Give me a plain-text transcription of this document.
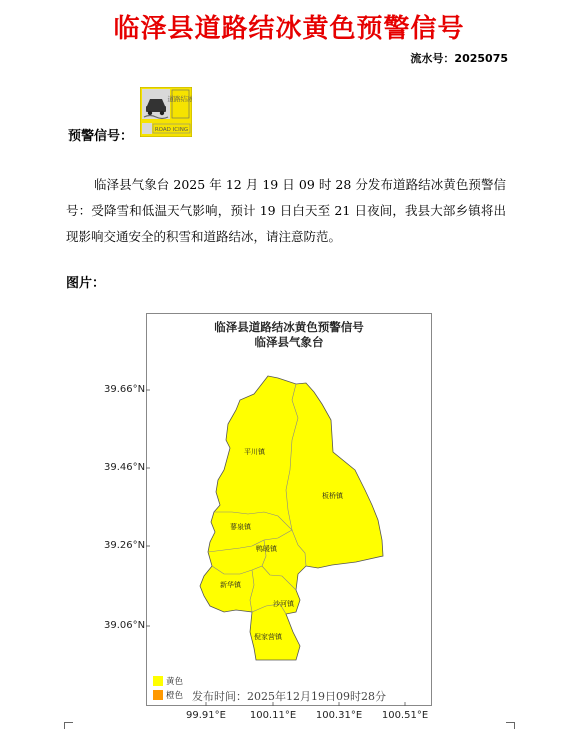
临泽县道路结冰黄色预警信号
流水号：2025075
预警信号：
道路结冰
ROAD ICING
临泽县气象台 2025 年 12 月 19 日 09 时 28 分发布道路结冰黄色预警信号：受降雪和低温天气影响，预计 19 日白天至 21 日夜间，我县大部乡镇将出现影响交通安全的积雪和道路结冰，请注意防范。
图片：
临泽县道路结冰黄色预警信号
临泽县气象台
39.66°N
39.46°N
39.26°N
39.06°N
99.91°E 100.11°E 100.31°E 100.51°E
平川镇
板桥镇
蓼泉镇
鸭暖镇
新华镇
沙河镇
倪家营镇
黄色
橙色 发布时间：2025年12月19日09时28分
